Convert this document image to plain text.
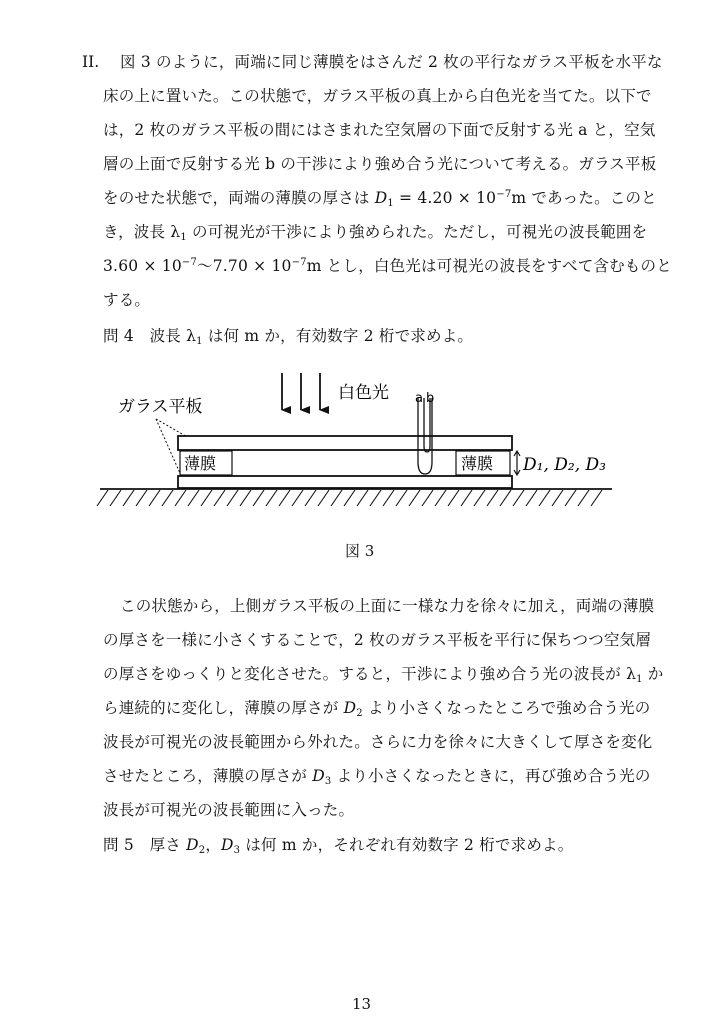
II. 図 3 のように，両端に同じ薄膜をはさんだ 2 枚の平行なガラス平板を水平な
床の上に置いた。この状態で，ガラス平板の真上から白色光を当てた。以下で
は，2 枚のガラス平板の間にはさまれた空気層の下面で反射する光 a と，空気
層の上面で反射する光 b の干渉により強め合う光について考える。ガラス平板
をのせた状態で，両端の薄膜の厚さは $D_1 = 4.20 \times 10^{-7}m$ であった。このと
き，波長 $\lambda_1$ の可視光が干渉により強められた。ただし，可視光の波長範囲を
$3.60 \times 10^{-7}$〜$7.70 \times 10^{-7}m$ とし，白色光は可視光の波長をすべて含むものと
する。
問 4　波長 $\lambda_1$ は何 m か，有効数字 2 桁で求めよ。
白色光
ガラス平板
薄膜	薄膜
a b
D₁, D₂, D₃
図 3
この状態から，上側ガラス平板の上面に一様な力を徐々に加え，両端の薄膜
の厚さを一様に小さくすることで，2 枚のガラス平板を平行に保ちつつ空気層
の厚さをゆっくりと変化させた。すると，干渉により強め合う光の波長が $\lambda_1$ か
ら連続的に変化し，薄膜の厚さが $D_2$ より小さくなったところで強め合う光の
波長が可視光の波長範囲から外れた。さらに力を徐々に大きくして厚さを変化
させたところ，薄膜の厚さが $D_3$ より小さくなったときに，再び強め合う光の
波長が可視光の波長範囲に入った。
問 5　厚さ $D_2$，$D_3$ は何 m か，それぞれ有効数字 2 桁で求めよ。
13
